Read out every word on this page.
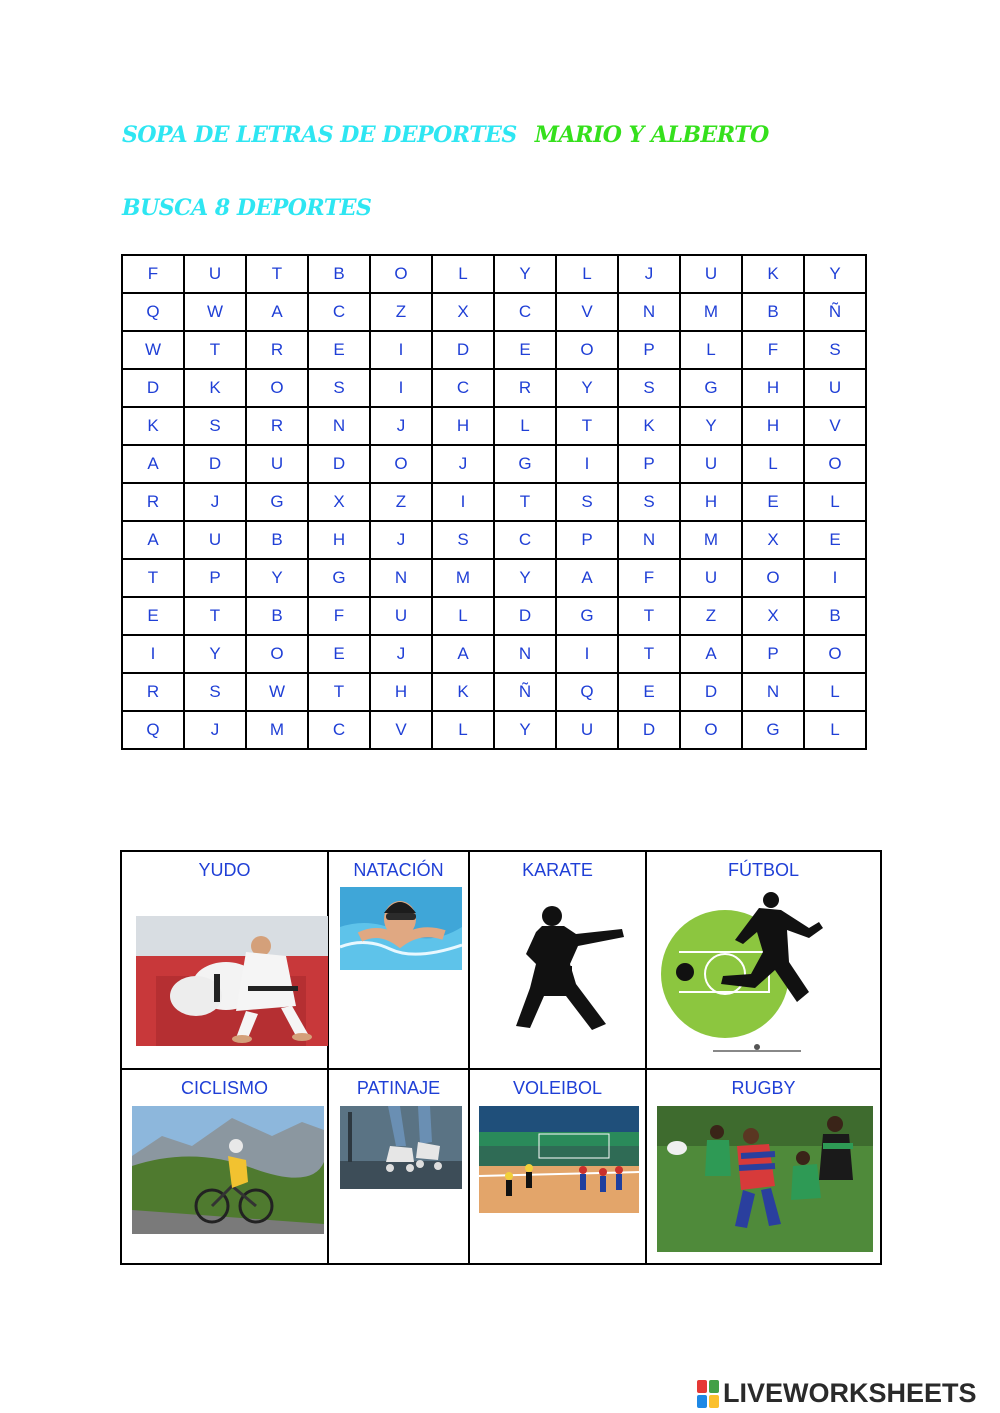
SOPA DE LETRAS DE DEPORTES MARIO Y ALBERTO
BUSCA 8 DEPORTES
F	U	T	B	O	L	Y	L	J	U	K	Y
Q	W	A	C	Z	X	C	V	N	M	B	Ñ
W	T	R	E	I	D	E	O	P	L	F	S
D	K	O	S	I	C	R	Y	S	G	H	U
K	S	R	N	J	H	L	T	K	Y	H	V
A	D	U	D	O	J	G	I	P	U	L	O
R	J	G	X	Z	I	T	S	S	H	E	L
A	U	B	H	J	S	C	P	N	M	X	E
T	P	Y	G	N	M	Y	A	F	U	O	I
E	T	B	F	U	L	D	G	T	Z	X	B
I	Y	O	E	J	A	N	I	T	A	P	O
R	S	W	T	H	K	Ñ	Q	E	D	N	L
Q	J	M	C	V	L	Y	U	D	O	G	L
YUDO	NATACIÓN	KARATE	FÚTBOL

CICLISMO	PATINAJE	VOLEIBOL	RUGBY
LIVEWORKSHEETS
